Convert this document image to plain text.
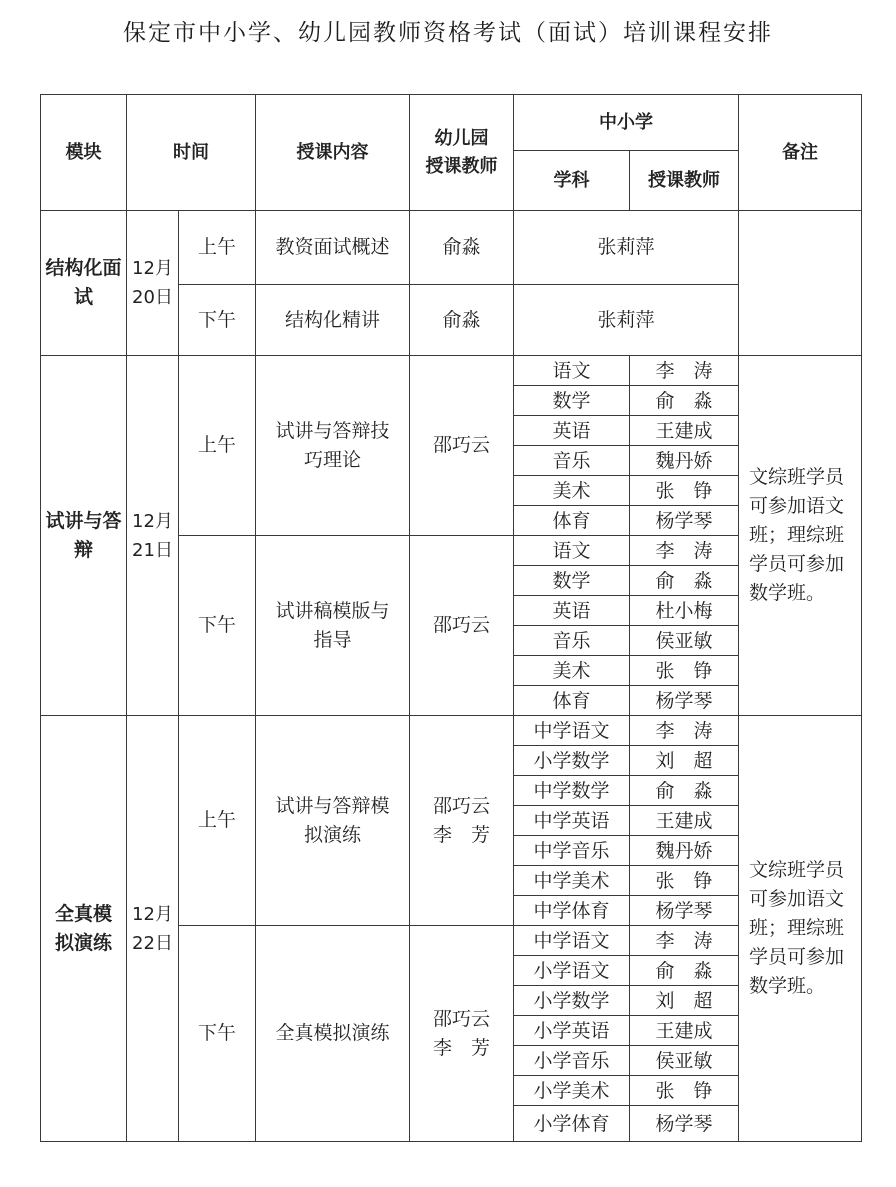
保定市中小学、幼儿园教师资格考试（面试）培训课程安排
模块	时间		授课内容	幼儿园
授课教师	中小学		备注
					学科	授课教师	
结构化面试	12月20日	上午	教资面试概述	俞淼	张莉萍		
		下午	结构化精讲	俞淼	张莉萍		
试讲与答辩	12月21日	上午	试讲与答辩技巧理论	邵巧云	语文	李　涛	文综班学员可参加语文班；理综班学员可参加数学班。
					数学	俞　淼	
					英语	王建成	
					音乐	魏丹娇	
					美术	张　铮	
					体育	杨学琴	
		下午	试讲稿模版与指导	邵巧云	语文	李　涛	
					数学	俞　淼	
					英语	杜小梅	
					音乐	侯亚敏	
					美术	张　铮	
					体育	杨学琴	
全真模拟演练	12月22日	上午	试讲与答辩模拟演练	邵巧云李　芳	中学语文	李　涛	文综班学员可参加语文班；理综班学员可参加数学班。
					小学数学	刘　超	
					中学数学	俞　淼	
					中学英语	王建成	
					中学音乐	魏丹娇	
					中学美术	张　铮	
					中学体育	杨学琴	
		下午	全真模拟演练	邵巧云李　芳	中学语文	李　涛	
					小学语文	俞　淼	
					小学数学	刘　超	
					小学英语	王建成	
					小学音乐	侯亚敏	
					小学美术	张　铮	
					小学体育	杨学琴	
